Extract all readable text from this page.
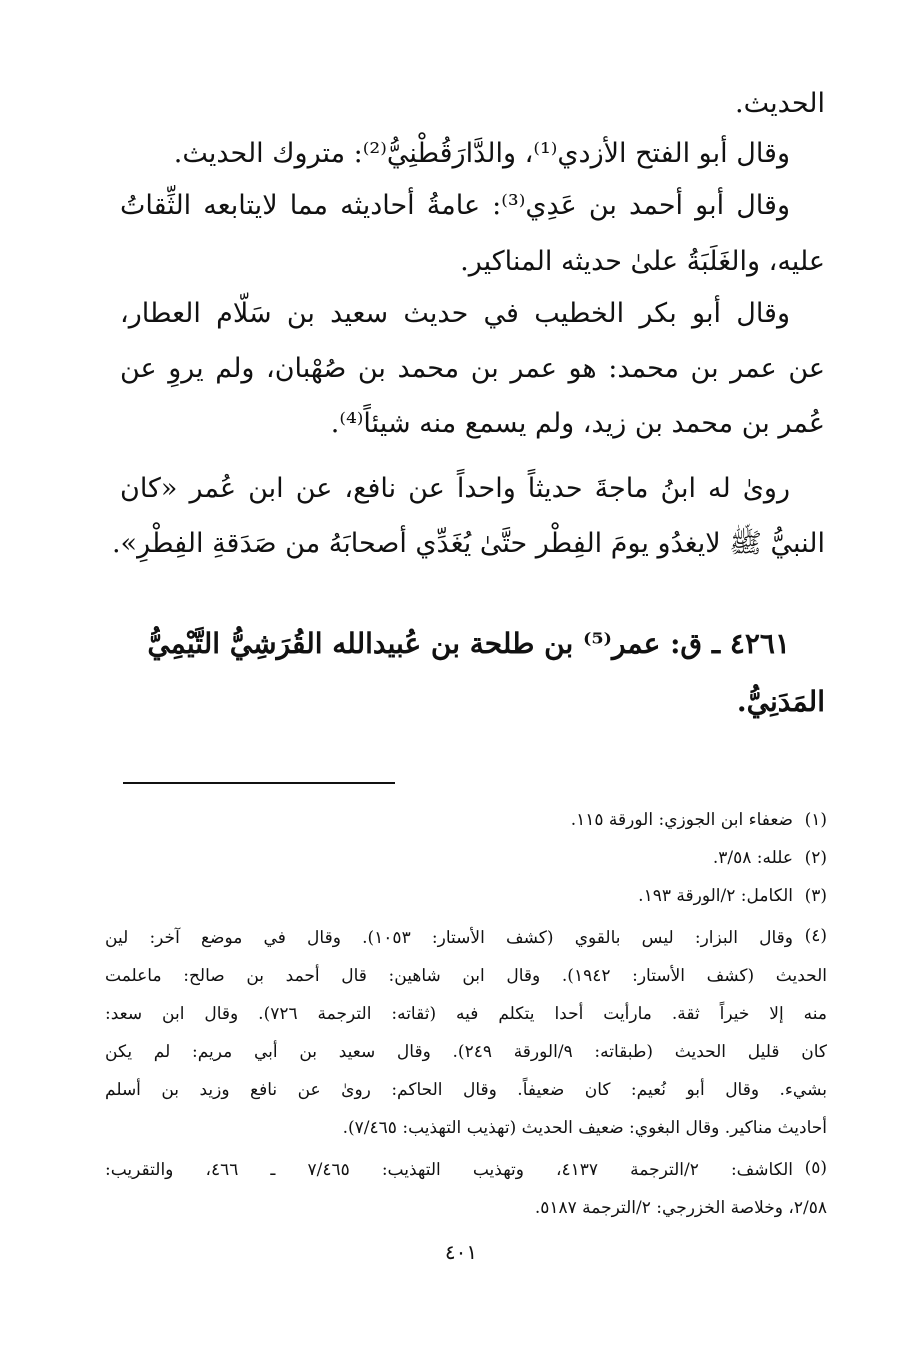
الحديث.
وقال أبو الفتح الأزدي⁽¹⁾، والدَّارَقُطْنِيُّ⁽²⁾: متروك الحديث.
وقال أبو أحمد بن عَدِي⁽³⁾: عامةُ أحاديثه مما لايتابعه الثِّقاتُ
عليه، والغَلَبَةُ علىٰ حديثه المناكير.
وقال أبو بكر الخطيب في حديث سعيد بن سَلّام العطار،
عن عمر بن محمد: هو عمر بن محمد بن صُهْبان، ولم يروِ عن
عُمر بن محمد بن زيد، ولم يسمع منه شيئاً⁽⁴⁾.
روىٰ له ابنُ ماجةَ حديثاً واحداً عن نافع، عن ابن عُمر «كان
النبيُّ ﷺ لايغدُو يومَ الفِطْر حتَّىٰ يُغَدِّي أصحابَهُ من صَدَقةِ الفِطْرِ».
٤٢٦١ ـ ق: عمر⁽⁵⁾ بن طلحة بن عُبيدالله القُرَشِيُّ التَّيْمِيُّ
المَدَنِيُّ.
(١)ضعفاء ابن الجوزي: الورقة ١١٥.
(٢)علله: ٣/٥٨.
(٣)الكامل: ٢/الورقة ١٩٣.
(٤)
وقال البزار: ليس بالقوي (كشف الأستار: ١٠٥٣). وقال في موضع آخر: لين
الحديث (كشف الأستار: ١٩٤٢). وقال ابن شاهين: قال أحمد بن صالح: ماعلمت
منه إلا خيراً ثقة. مارأيت أحدا يتكلم فيه (ثقاته: الترجمة ٧٢٦). وقال ابن سعد:
كان قليل الحديث (طبقاته: ٩/الورقة ٢٤٩). وقال سعيد بن أبي مريم: لم يكن
بشيء. وقال أبو نُعيم: كان ضعيفاً. وقال الحاكم: روىٰ عن نافع وزيد بن أسلم
أحاديث مناكير. وقال البغوي: ضعيف الحديث (تهذيب التهذيب: ٧/٤٦٥).
(٥)
الكاشف: ٢/الترجمة ٤١٣٧، وتهذيب التهذيب: ٧/٤٦٥ ـ ٤٦٦، والتقريب:
٢/٥٨، وخلاصة الخزرجي: ٢/الترجمة ٥١٨٧.
٤٠١
